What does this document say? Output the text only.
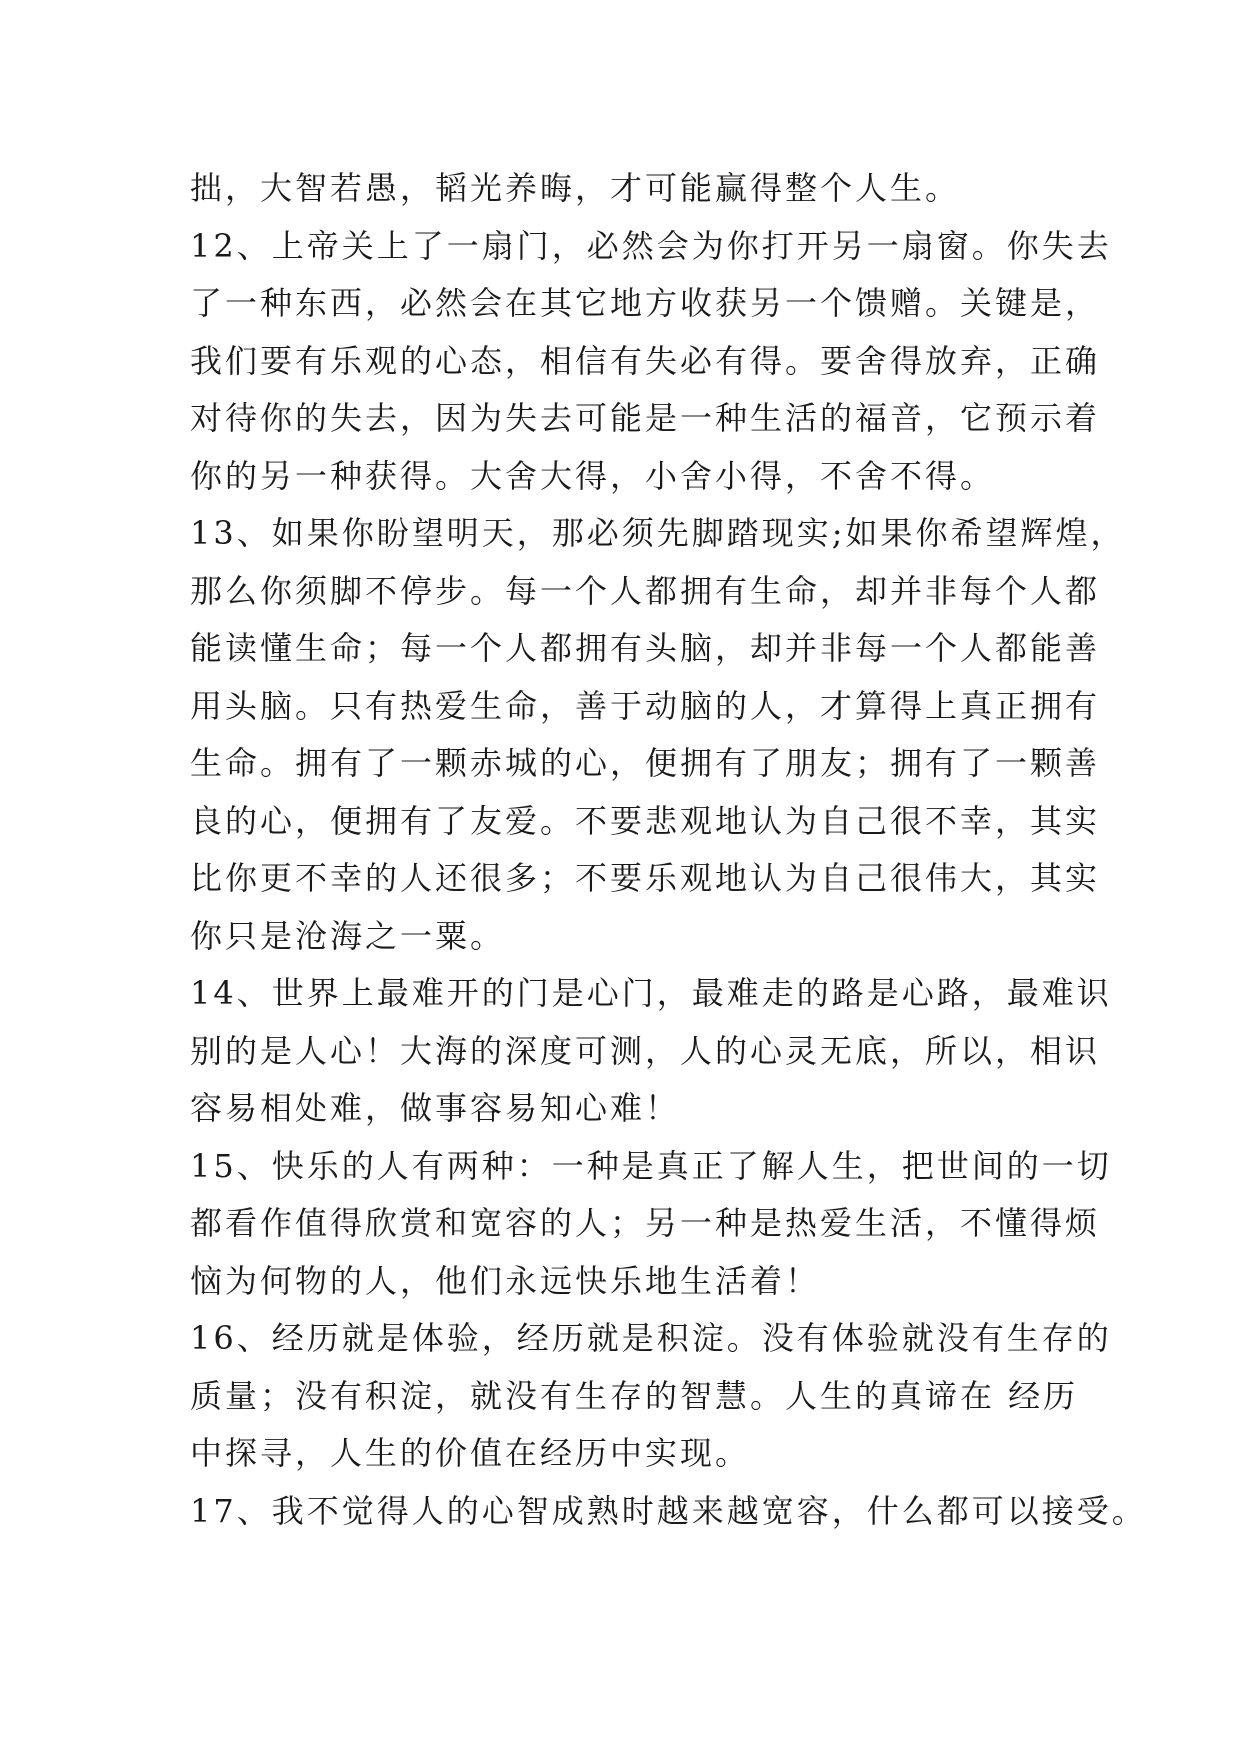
拙，大智若愚，韬光养晦，才可能赢得整个人生。
12、上帝关上了一扇门，必然会为你打开另一扇窗。你失去
了一种东西，必然会在其它地方收获另一个馈赠。关键是，
我们要有乐观的心态，相信有失必有得。要舍得放弃，正确
对待你的失去，因为失去可能是一种生活的福音，它预示着
你的另一种获得。大舍大得，小舍小得，不舍不得。
13、如果你盼望明天，那必须先脚踏现实;如果你希望辉煌，
那么你须脚不停步。每一个人都拥有生命，却并非每个人都
能读懂生命；每一个人都拥有头脑，却并非每一个人都能善
用头脑。只有热爱生命，善于动脑的人，才算得上真正拥有
生命。拥有了一颗赤城的心，便拥有了朋友；拥有了一颗善
良的心，便拥有了友爱。不要悲观地认为自己很不幸，其实
比你更不幸的人还很多；不要乐观地认为自己很伟大，其实
你只是沧海之一粟。
14、世界上最难开的门是心门，最难走的路是心路，最难识
别的是人心！大海的深度可测，人的心灵无底，所以，相识
容易相处难，做事容易知心难！
15、快乐的人有两种：一种是真正了解人生，把世间的一切
都看作值得欣赏和宽容的人；另一种是热爱生活，不懂得烦
恼为何物的人，他们永远快乐地生活着！
16、经历就是体验，经历就是积淀。没有体验就没有生存的
质量；没有积淀，就没有生存的智慧。人生的真谛在 经历
中探寻，人生的价值在经历中实现。
17、我不觉得人的心智成熟时越来越宽容，什么都可以接受。
